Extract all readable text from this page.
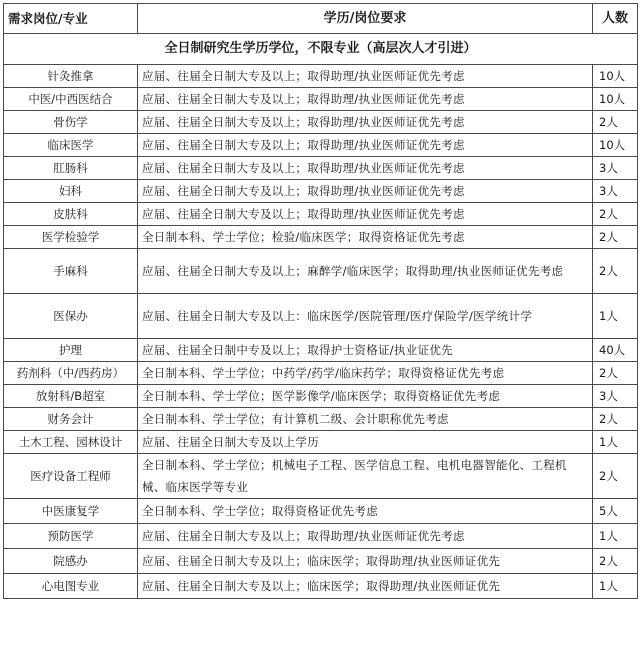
需求岗位/专业	学历/岗位要求	人数
全日制研究生学历学位，不限专业（高层次人才引进）		
针灸推拿	应届、往届全日制大专及以上；取得助理/执业医师证优先考虑	10人
中医/中西医结合	应届、往届全日制大专及以上；取得助理/执业医师证优先考虑	10人
骨伤学	应届、往届全日制大专及以上；取得助理/执业医师证优先考虑	2人
临床医学	应届、往届全日制大专及以上；取得助理/执业医师证优先考虑	10人
肛肠科	应届、往届全日制大专及以上；取得助理/执业医师证优先考虑	3人
妇科	应届、往届全日制大专及以上；取得助理/执业医师证优先考虑	3人
皮肤科	应届、往届全日制大专及以上；取得助理/执业医师证优先考虑	2人
医学检验学	全日制本科、学士学位；检验/临床医学；取得资格证优先考虑	2人
手麻科	应届、往届全日制大专及以上；麻醉学/临床医学；取得助理/执业医师证优先考虑	2人
医保办	应届、往届全日制大专及以上：临床医学/医院管理/医疗保险学/医学统计学	1人
护理	应届、往届全日制中专及以上；取得护士资格证/执业证优先	40人
药剂科（中/西药房）	全日制本科、学士学位；中药学/药学/临床药学；取得资格证优先考虑	2人
放射科/B超室	全日制本科、学士学位；医学影像学/临床医学；取得资格证优先考虑	3人
财务会计	全日制本科、学士学位；有计算机二级、会计职称优先考虑	2人
土木工程、园林设计	应届、往届全日制大专及以上学历	1人
医疗设备工程师	全日制本科、学士学位；机械电子工程、医学信息工程、电机电器智能化、工程机械、临床医学等专业	2人
中医康复学	全日制本科、学士学位；取得资格证优先考虑	5人
预防医学	应届、往届全日制大专及以上；取得助理/执业医师证优先考虑	1人
院感办	应届、往届全日制大专及以上；临床医学；取得助理/执业医师证优先	2人
心电图专业	应届、往届全日制大专及以上；临床医学；取得助理/执业医师证优先	1人
